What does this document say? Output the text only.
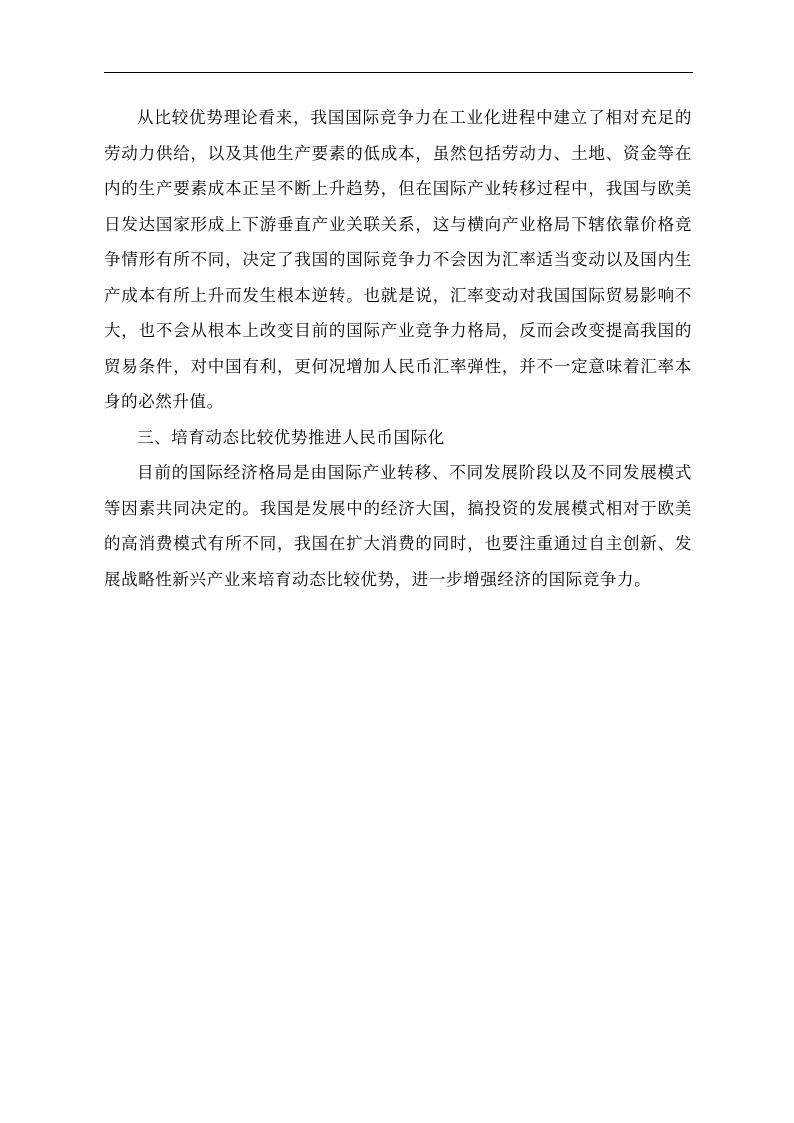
从比较优势理论看来，我国国际竞争力在工业化进程中建立了相对充足的劳动力供给，以及其他生产要素的低成本，虽然包括劳动力、土地、资金等在内的生产要素成本正呈不断上升趋势，但在国际产业转移过程中，我国与欧美日发达国家形成上下游垂直产业关联关系，这与横向产业格局下辖依靠价格竞争情形有所不同，决定了我国的国际竞争力不会因为汇率适当变动以及国内生产成本有所上升而发生根本逆转。也就是说，汇率变动对我国国际贸易影响不大，也不会从根本上改变目前的国际产业竞争力格局，反而会改变提高我国的贸易条件，对中国有利，更何况增加人民币汇率弹性，并不一定意味着汇率本身的必然升值。

三、培育动态比较优势推进人民币国际化

目前的国际经济格局是由国际产业转移、不同发展阶段以及不同发展模式等因素共同决定的。我国是发展中的经济大国，搞投资的发展模式相对于欧美的高消费模式有所不同，我国在扩大消费的同时，也要注重通过自主创新、发展战略性新兴产业来培育动态比较优势，进一步增强经济的国际竞争力。
